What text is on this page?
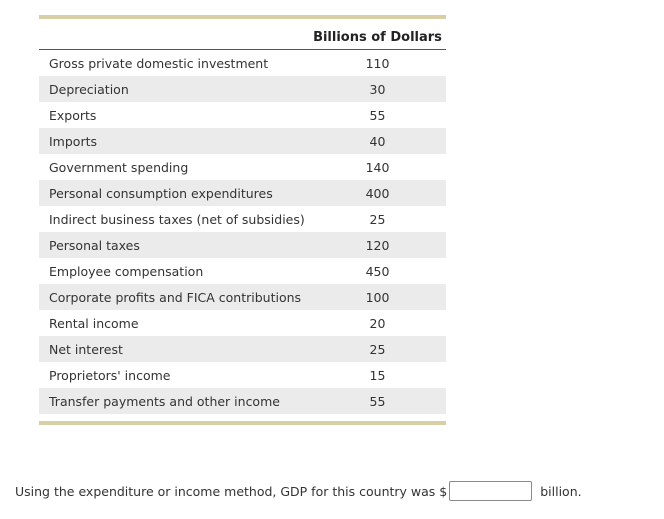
Billions of Dollars
Gross private domestic investment	110
Depreciation	30
Exports	55
Imports	40
Government spending	140
Personal consumption expenditures	400
Indirect business taxes (net of subsidies)	25
Personal taxes	120
Employee compensation	450
Corporate profits and FICA contributions	100
Rental income	20
Net interest	25
Proprietors' income	15
Transfer payments and other income	55
Using the expenditure or income method, GDP for this country was $	billion.
